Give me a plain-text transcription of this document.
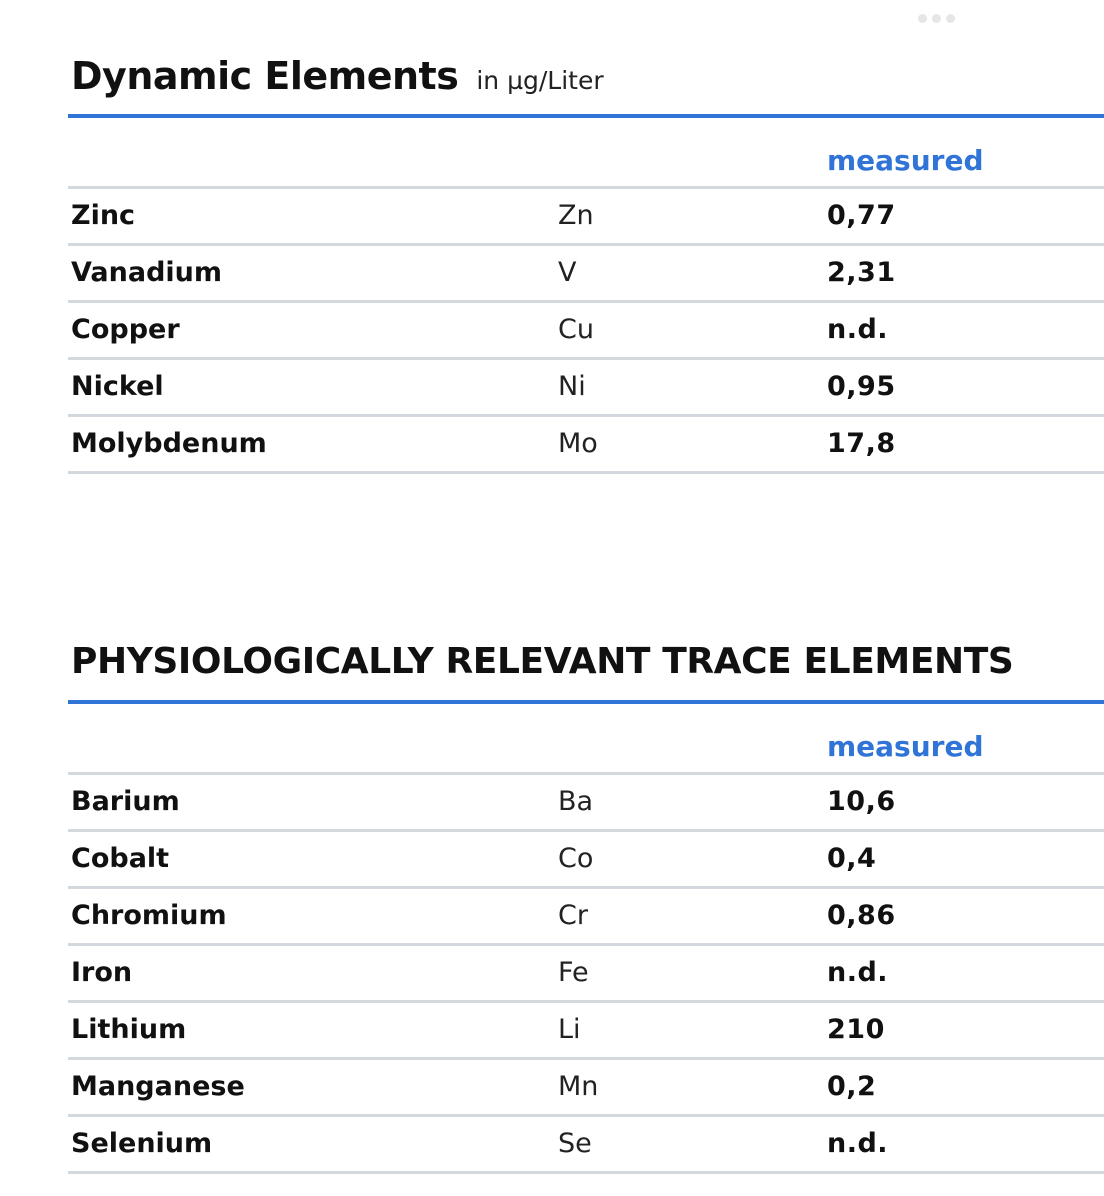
Dynamic Elements in µg/Liter
measured
Zinc	Zn	0,77
Vanadium	V	2,31
Copper	Cu	n.d.
Nickel	Ni	0,95
Molybdenum	Mo	17,8
PHYSIOLOGICALLY RELEVANT TRACE ELEMENTS
measured
Barium	Ba	10,6
Cobalt	Co	0,4
Chromium	Cr	0,86
Iron	Fe	n.d.
Lithium	Li	210
Manganese	Mn	0,2
Selenium	Se	n.d.
